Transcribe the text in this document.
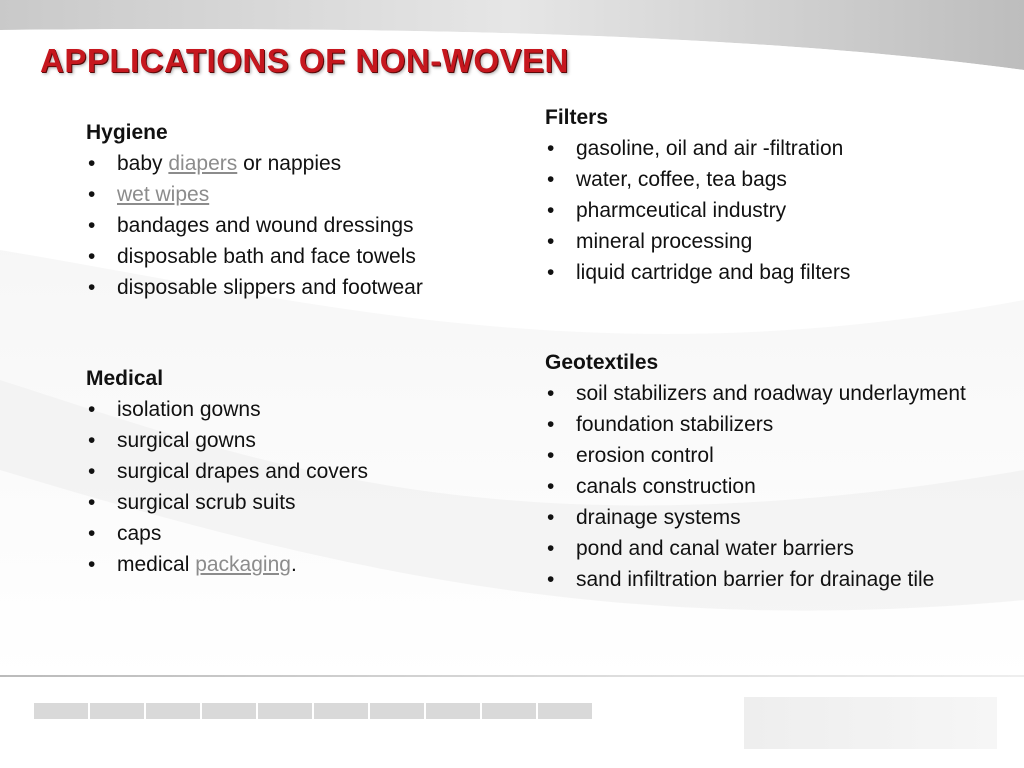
APPLICATIONS OF NON-WOVEN
Hygiene
• baby diapers or nappies
• wet wipes
• bandages and wound dressings
• disposable bath and face towels
• disposable slippers and footwear
Medical
• isolation gowns
• surgical gowns
• surgical drapes and covers
• surgical scrub suits
• caps
• medical packaging.
Filters
• gasoline, oil and air -filtration
• water, coffee, tea bags
• pharmceutical industry
• mineral processing
• liquid cartridge and bag filters
Geotextiles
• soil stabilizers and roadway underlayment
• foundation stabilizers
• erosion control
• canals construction
• drainage systems
• pond and canal water barriers
• sand infiltration barrier for drainage tile
